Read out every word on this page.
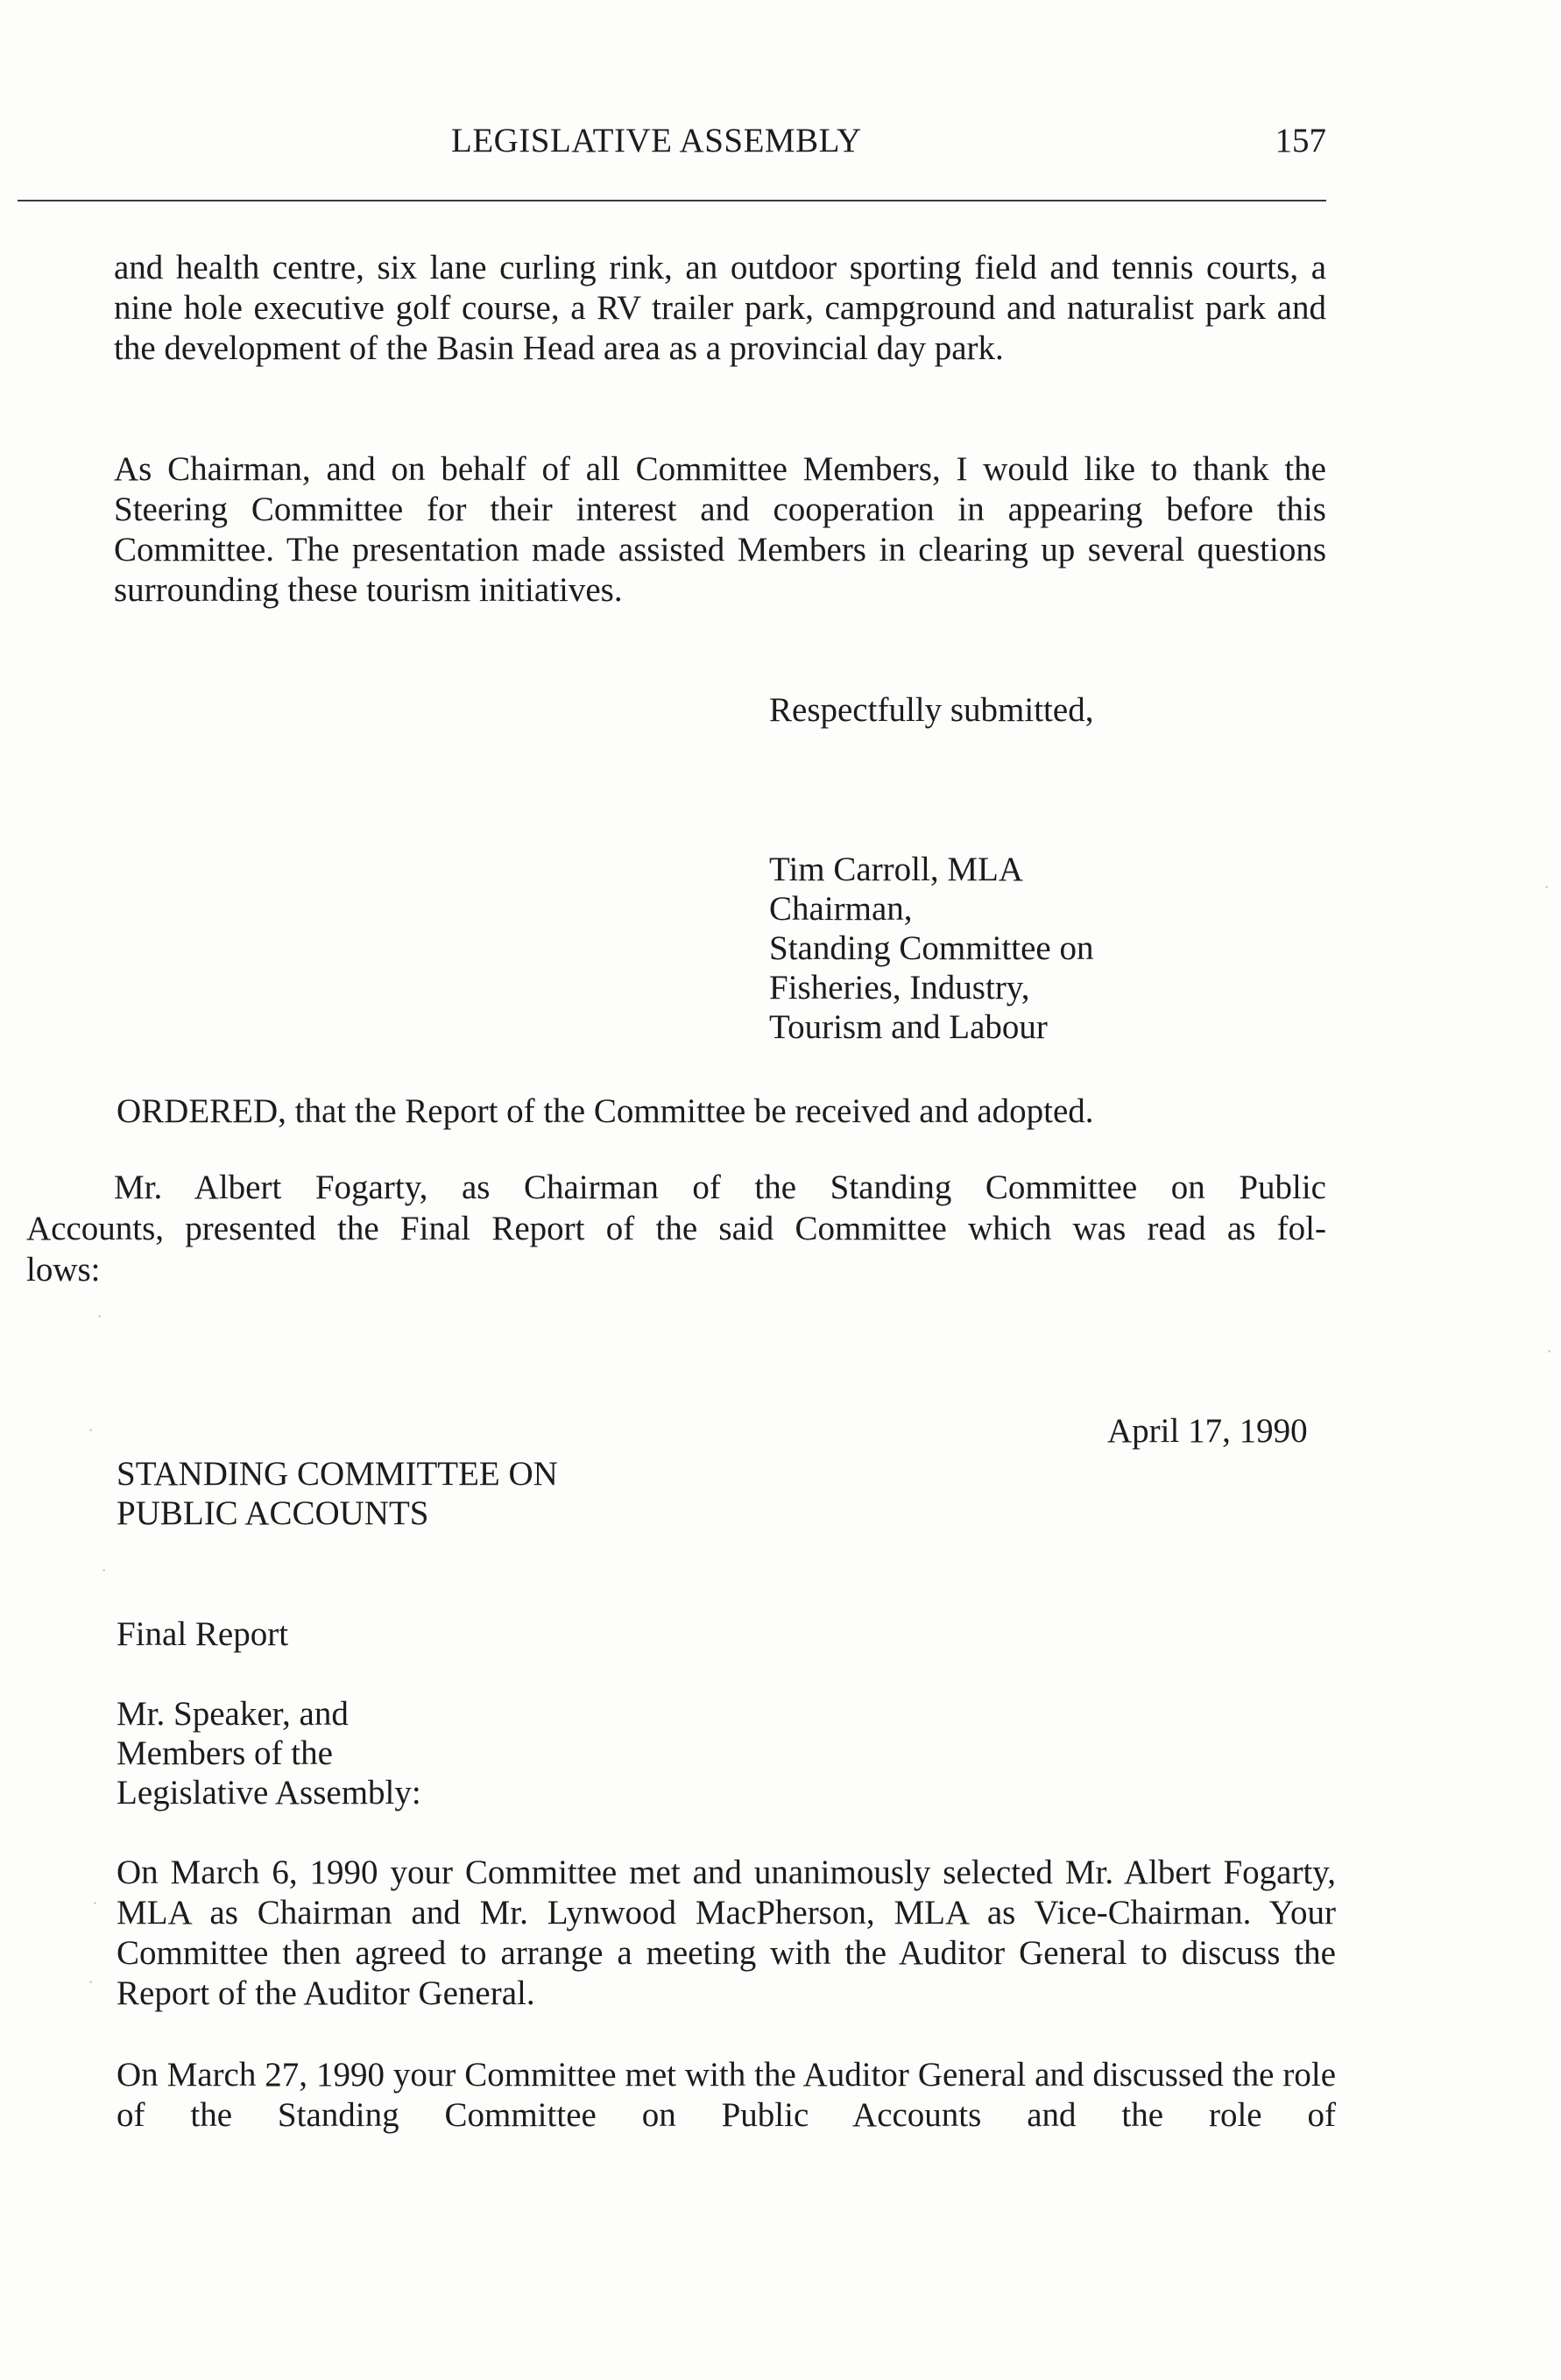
LEGISLATIVE ASSEMBLY	157
and health centre, six lane curling rink, an outdoor sporting field and tennis courts, a nine hole executive golf course, a RV trailer park, campground and naturalist park and the development of the Basin Head area as a provincial day park.
As Chairman, and on behalf of all Committee Members, I would like to thank the Steering Committee for their interest and cooperation in appearing before this Committee. The presentation made assisted Members in clearing up several questions surrounding these tourism initiatives.
Respectfully submitted,
Tim Carroll, MLA
Chairman,
Standing Committee on
Fisheries, Industry,
Tourism and Labour
ORDERED, that the Report of the Committee be received and adopted.
Mr. Albert Fogarty, as Chairman of the Standing Committee on Public
Accounts, presented the Final Report of the said Committee which was read as fol-
lows:
April 17, 1990
STANDING COMMITTEE ON
PUBLIC ACCOUNTS
Final Report
Mr. Speaker, and
Members of the
Legislative Assembly:
On March 6, 1990 your Committee met and unanimously selected Mr. Albert Fogarty, MLA as Chairman and Mr. Lynwood MacPherson, MLA as Vice-Chairman. Your Committee then agreed to arrange a meeting with the Auditor General to discuss the Report of the Auditor General.
On March 27, 1990 your Committee met with the Auditor General and discussed the role of the Standing Committee on Public Accounts and the role of
·
·
·
·
·
·
·
